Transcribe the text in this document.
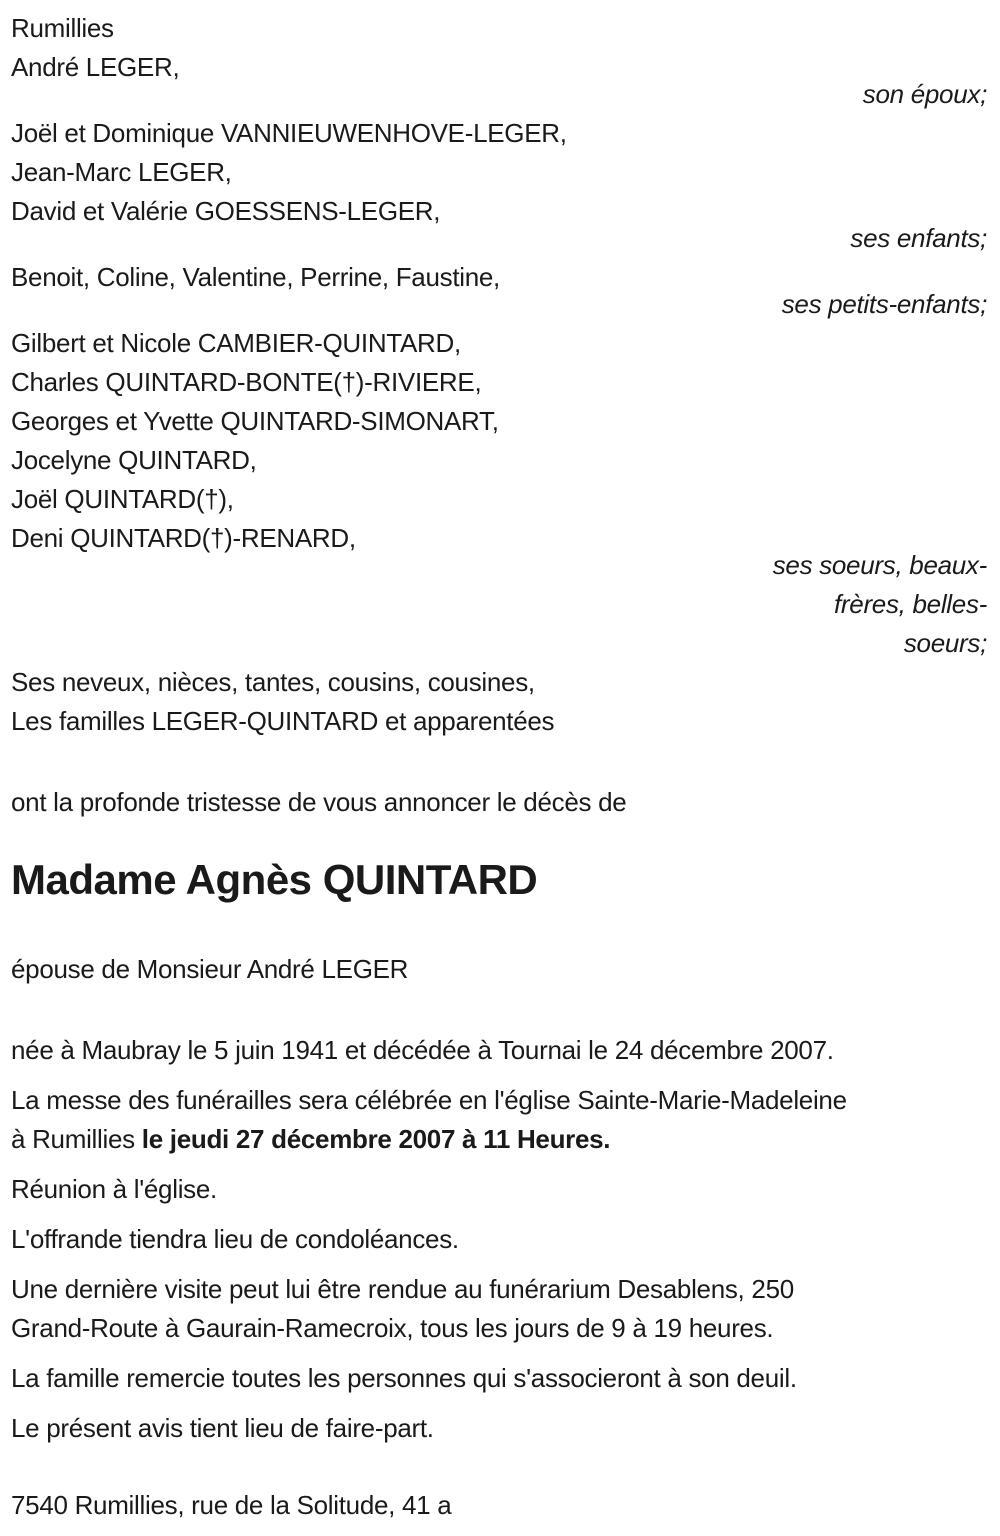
Rumillies
André LEGER,
son époux;
Joël et Dominique VANNIEUWENHOVE-LEGER,
Jean-Marc LEGER,
David et Valérie GOESSENS-LEGER,
ses enfants;
Benoit, Coline, Valentine, Perrine, Faustine,
ses petits-enfants;
Gilbert et Nicole CAMBIER-QUINTARD,
Charles QUINTARD-BONTE(†)-RIVIERE,
Georges et Yvette QUINTARD-SIMONART,
Jocelyne QUINTARD,
Joël QUINTARD(†),
Deni QUINTARD(†)-RENARD,
ses soeurs, beaux-
frères, belles-
soeurs;
Ses neveux, nièces, tantes, cousins, cousines,
Les familles LEGER-QUINTARD et apparentées
ont la profonde tristesse de vous annoncer le décès de
Madame Agnès QUINTARD
épouse de Monsieur André LEGER
née à Maubray le 5 juin 1941 et décédée à Tournai le 24 décembre 2007.
La messe des funérailles sera célébrée en l'église Sainte-Marie-Madeleine
à Rumillies le jeudi 27 décembre 2007 à 11 Heures.
Réunion à l'église.
L'offrande tiendra lieu de condoléances.
Une dernière visite peut lui être rendue au funérarium Desablens, 250
Grand-Route à Gaurain-Ramecroix, tous les jours de 9 à 19 heures.
La famille remercie toutes les personnes qui s'associeront à son deuil.
Le présent avis tient lieu de faire-part.
7540 Rumillies, rue de la Solitude, 41 a
